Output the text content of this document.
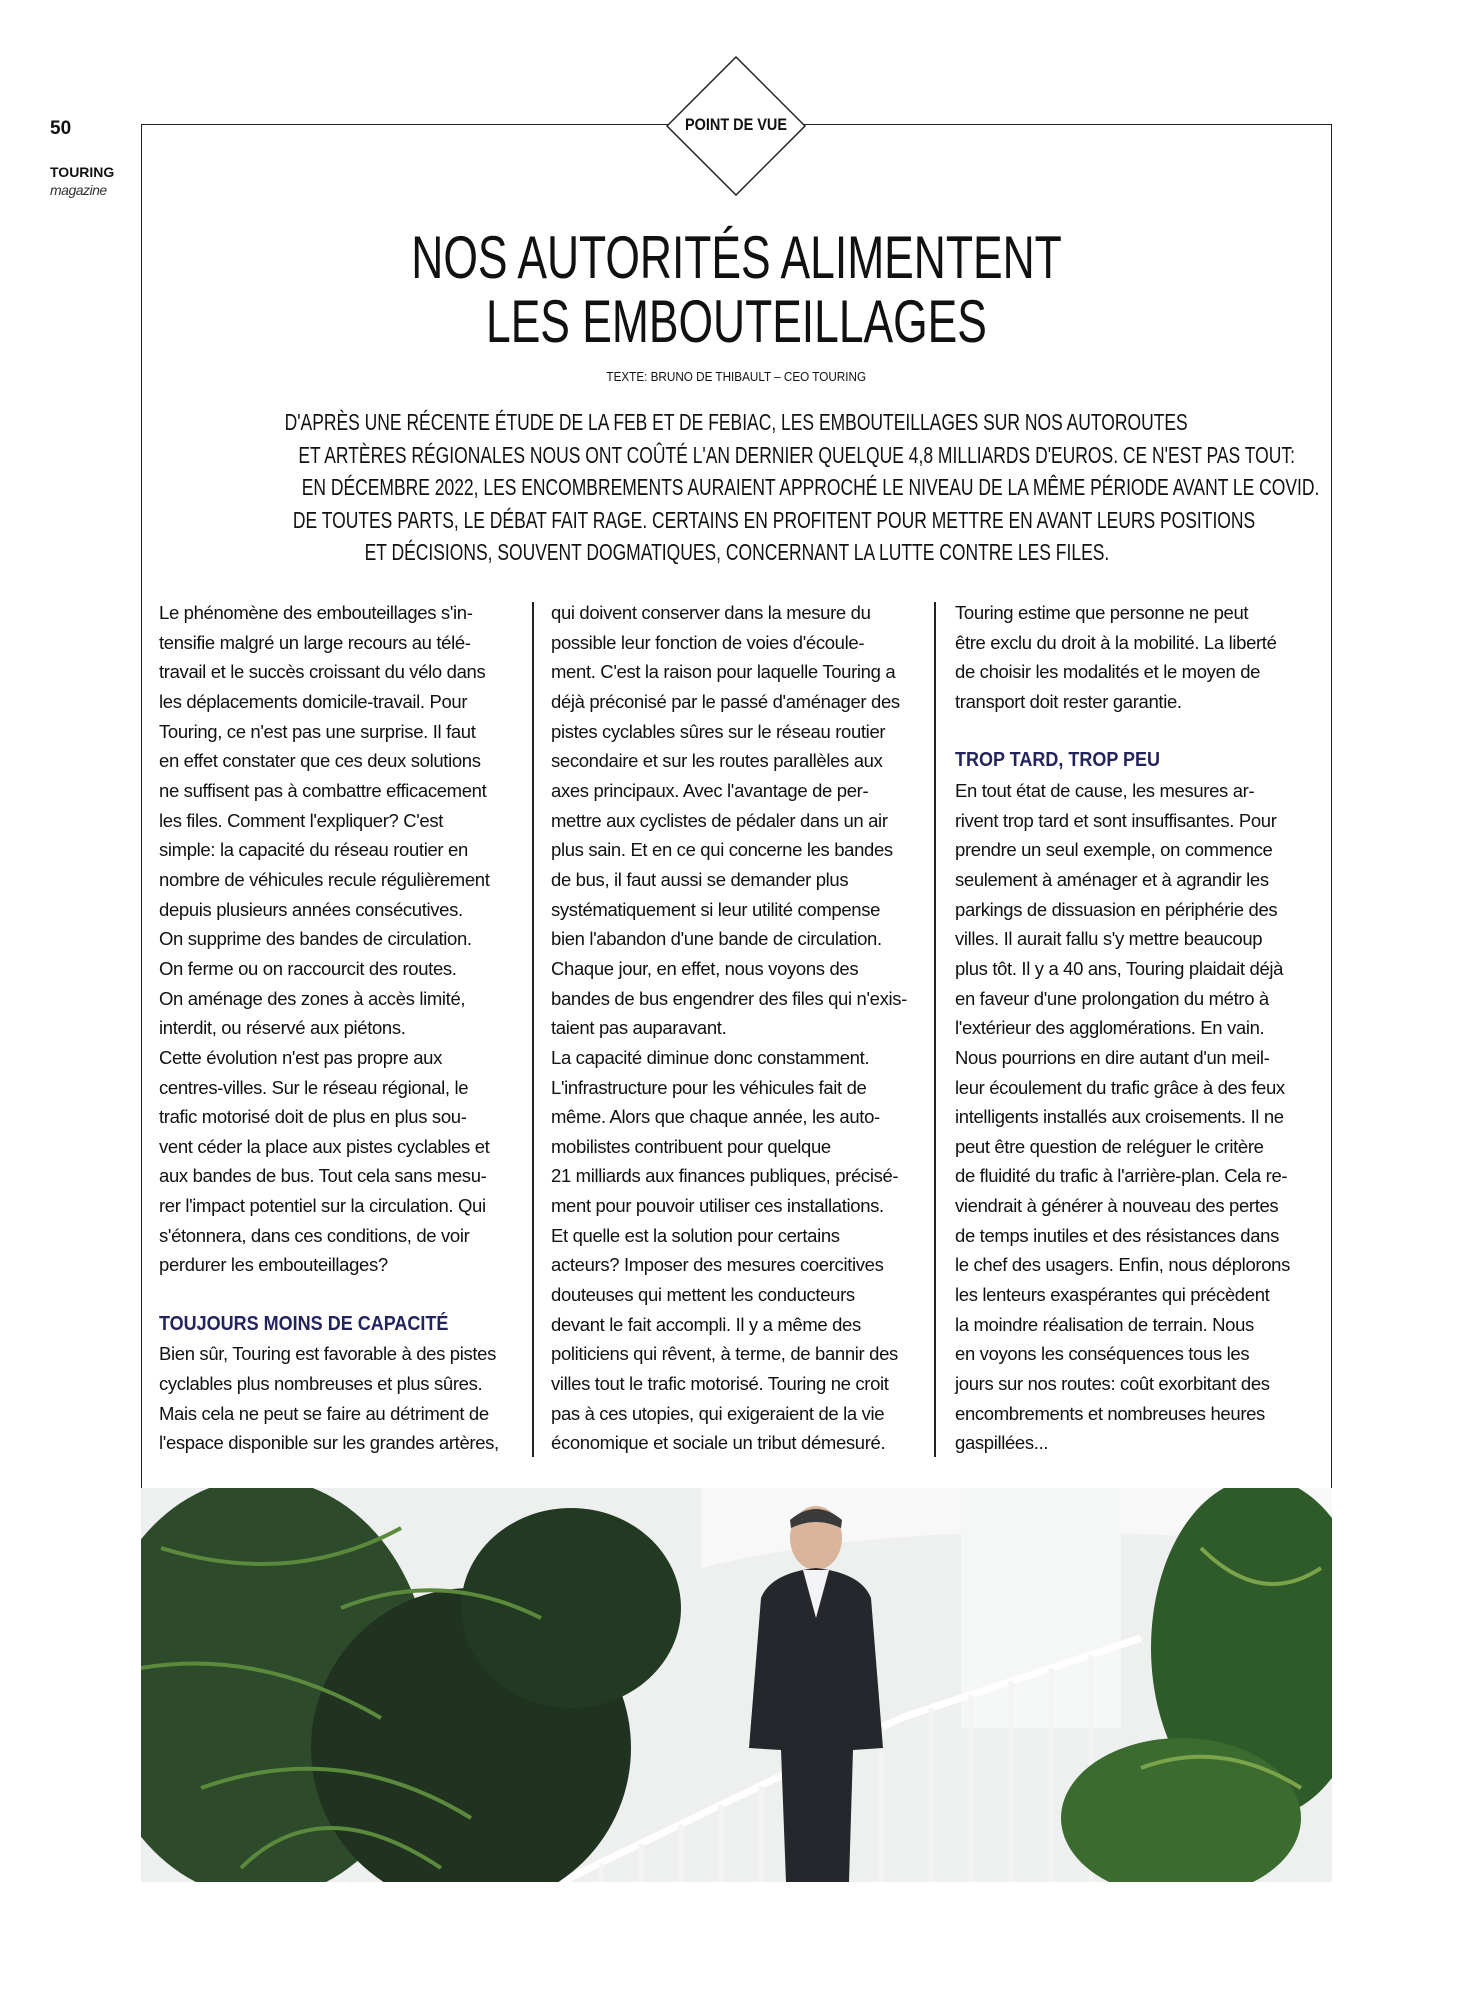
50
TOURING
magazine
POINT DE VUE
NOS AUTORITÉS ALIMENTENT
LES EMBOUTEILLAGES
TEXTE: BRUNO DE THIBAULT – CEO TOURING
D'APRÈS UNE RÉCENTE ÉTUDE DE LA FEB ET DE FEBIAC, LES EMBOUTEILLAGES SUR NOS AUTOROUTES
ET ARTÈRES RÉGIONALES NOUS ONT COÛTÉ L'AN DERNIER QUELQUE 4,8 MILLIARDS D'EUROS. CE N'EST PAS TOUT:
EN DÉCEMBRE 2022, LES ENCOMBREMENTS AURAIENT APPROCHÉ LE NIVEAU DE LA MÊME PÉRIODE AVANT LE COVID.
DE TOUTES PARTS, LE DÉBAT FAIT RAGE. CERTAINS EN PROFITENT POUR METTRE EN AVANT LEURS POSITIONS
ET DÉCISIONS, SOUVENT DOGMATIQUES, CONCERNANT LA LUTTE CONTRE LES FILES.
Le phénomène des embouteillages s'in-
tensifie malgré un large recours au télé-
travail et le succès croissant du vélo dans
les déplacements domicile-travail. Pour
Touring, ce n'est pas une surprise. Il faut
en effet constater que ces deux solutions
ne suffisent pas à combattre efficacement
les files. Comment l'expliquer? C'est
simple: la capacité du réseau routier en
nombre de véhicules recule régulièrement
depuis plusieurs années consécutives.
On supprime des bandes de circulation.
On ferme ou on raccourcit des routes.
On aménage des zones à accès limité,
interdit, ou réservé aux piétons.
Cette évolution n'est pas propre aux
centres-villes. Sur le réseau régional, le
trafic motorisé doit de plus en plus sou-
vent céder la place aux pistes cyclables et
aux bandes de bus. Tout cela sans mesu-
rer l'impact potentiel sur la circulation. Qui
s'étonnera, dans ces conditions, de voir
perdurer les embouteillages?
TOUJOURS MOINS DE CAPACITÉ
Bien sûr, Touring est favorable à des pistes
cyclables plus nombreuses et plus sûres.
Mais cela ne peut se faire au détriment de
l'espace disponible sur les grandes artères,
qui doivent conserver dans la mesure du
possible leur fonction de voies d'écoule-
ment. C'est la raison pour laquelle Touring a
déjà préconisé par le passé d'aménager des
pistes cyclables sûres sur le réseau routier
secondaire et sur les routes parallèles aux
axes principaux. Avec l'avantage de per-
mettre aux cyclistes de pédaler dans un air
plus sain. Et en ce qui concerne les bandes
de bus, il faut aussi se demander plus
systématiquement si leur utilité compense
bien l'abandon d'une bande de circulation.
Chaque jour, en effet, nous voyons des
bandes de bus engendrer des files qui n'exis-
taient pas auparavant.
La capacité diminue donc constamment.
L'infrastructure pour les véhicules fait de
même. Alors que chaque année, les auto-
mobilistes contribuent pour quelque
21 milliards aux finances publiques, précisé-
ment pour pouvoir utiliser ces installations.
Et quelle est la solution pour certains
acteurs? Imposer des mesures coercitives
douteuses qui mettent les conducteurs
devant le fait accompli. Il y a même des
politiciens qui rêvent, à terme, de bannir des
villes tout le trafic motorisé. Touring ne croit
pas à ces utopies, qui exigeraient de la vie
économique et sociale un tribut démesuré.
Touring estime que personne ne peut
être exclu du droit à la mobilité. La liberté
de choisir les modalités et le moyen de
transport doit rester garantie.
TROP TARD, TROP PEU
En tout état de cause, les mesures ar-
rivent trop tard et sont insuffisantes. Pour
prendre un seul exemple, on commence
seulement à aménager et à agrandir les
parkings de dissuasion en périphérie des
villes. Il aurait fallu s'y mettre beaucoup
plus tôt. Il y a 40 ans, Touring plaidait déjà
en faveur d'une prolongation du métro à
l'extérieur des agglomérations. En vain.
Nous pourrions en dire autant d'un meil-
leur écoulement du trafic grâce à des feux
intelligents installés aux croisements. Il ne
peut être question de reléguer le critère
de fluidité du trafic à l'arrière-plan. Cela re-
viendrait à générer à nouveau des pertes
de temps inutiles et des résistances dans
le chef des usagers. Enfin, nous déplorons
les lenteurs exaspérantes qui précèdent
la moindre réalisation de terrain. Nous
en voyons les conséquences tous les
jours sur nos routes: coût exorbitant des
encombrements et nombreuses heures
gaspillées...
